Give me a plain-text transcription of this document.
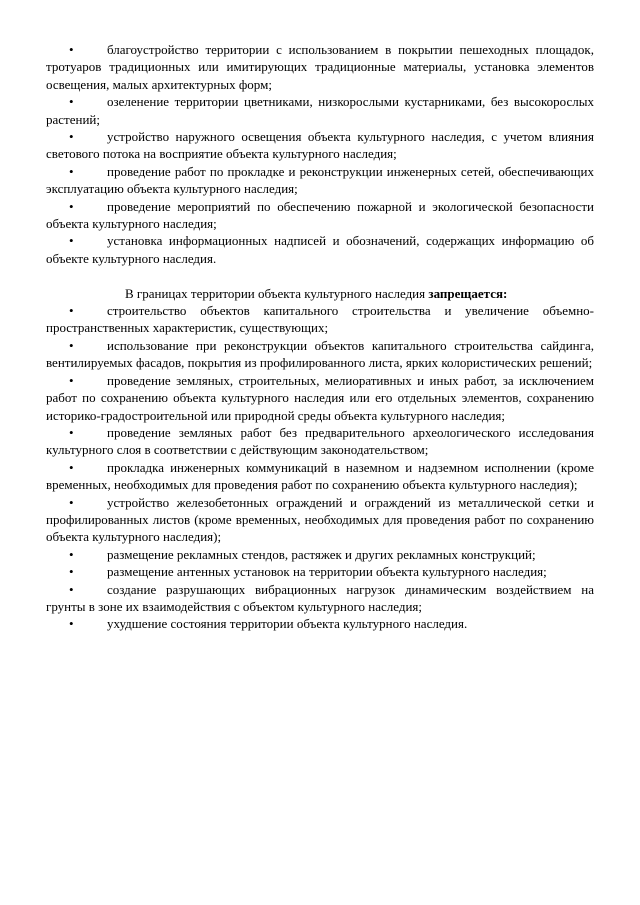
•	благоустройство территории с использованием в покрытии пешеходных площадок, тротуаров традиционных или имитирующих традиционные материалы, установка элементов освещения, малых архитектурных форм;
•	озеленение территории цветниками, низкорослыми кустарниками, без высокорослых растений;
•	устройство наружного освещения объекта культурного наследия, с учетом влияния светового потока на восприятие объекта культурного наследия;
•	проведение работ по прокладке и реконструкции инженерных сетей, обеспечивающих эксплуатацию объекта культурного наследия;
•	проведение мероприятий по обеспечению пожарной и экологической безопасности объекта культурного наследия;
•	установка информационных надписей и обозначений, содержащих информацию об объекте культурного наследия.

В границах территории объекта культурного наследия запрещается:

•	строительство объектов капитального строительства и увеличение объемно-пространственных характеристик, существующих;
•	использование при реконструкции объектов капитального строительства сайдинга, вентилируемых фасадов, покрытия из профилированного листа, ярких колористических решений;
•	проведение земляных, строительных, мелиоративных и иных работ, за исключением работ по сохранению объекта культурного наследия или его отдельных элементов, сохранению историко-градостроительной или природной среды объекта культурного наследия;
•	проведение земляных работ без предварительного археологического исследования культурного слоя в соответствии с действующим законодательством;
•	прокладка инженерных коммуникаций в наземном и надземном исполнении (кроме временных, необходимых для проведения работ по сохранению объекта культурного наследия);
•	устройство железобетонных ограждений и ограждений из металлической сетки и профилированных листов (кроме временных, необходимых для проведения работ по сохранению объекта культурного наследия);
•	размещение рекламных стендов, растяжек и других рекламных конструкций;
•	размещение антенных установок на территории объекта культурного наследия;
•	создание разрушающих вибрационных нагрузок динамическим воздействием на грунты в зоне их взаимодействия с объектом культурного наследия;
•	ухудшение состояния территории объекта культурного наследия.
